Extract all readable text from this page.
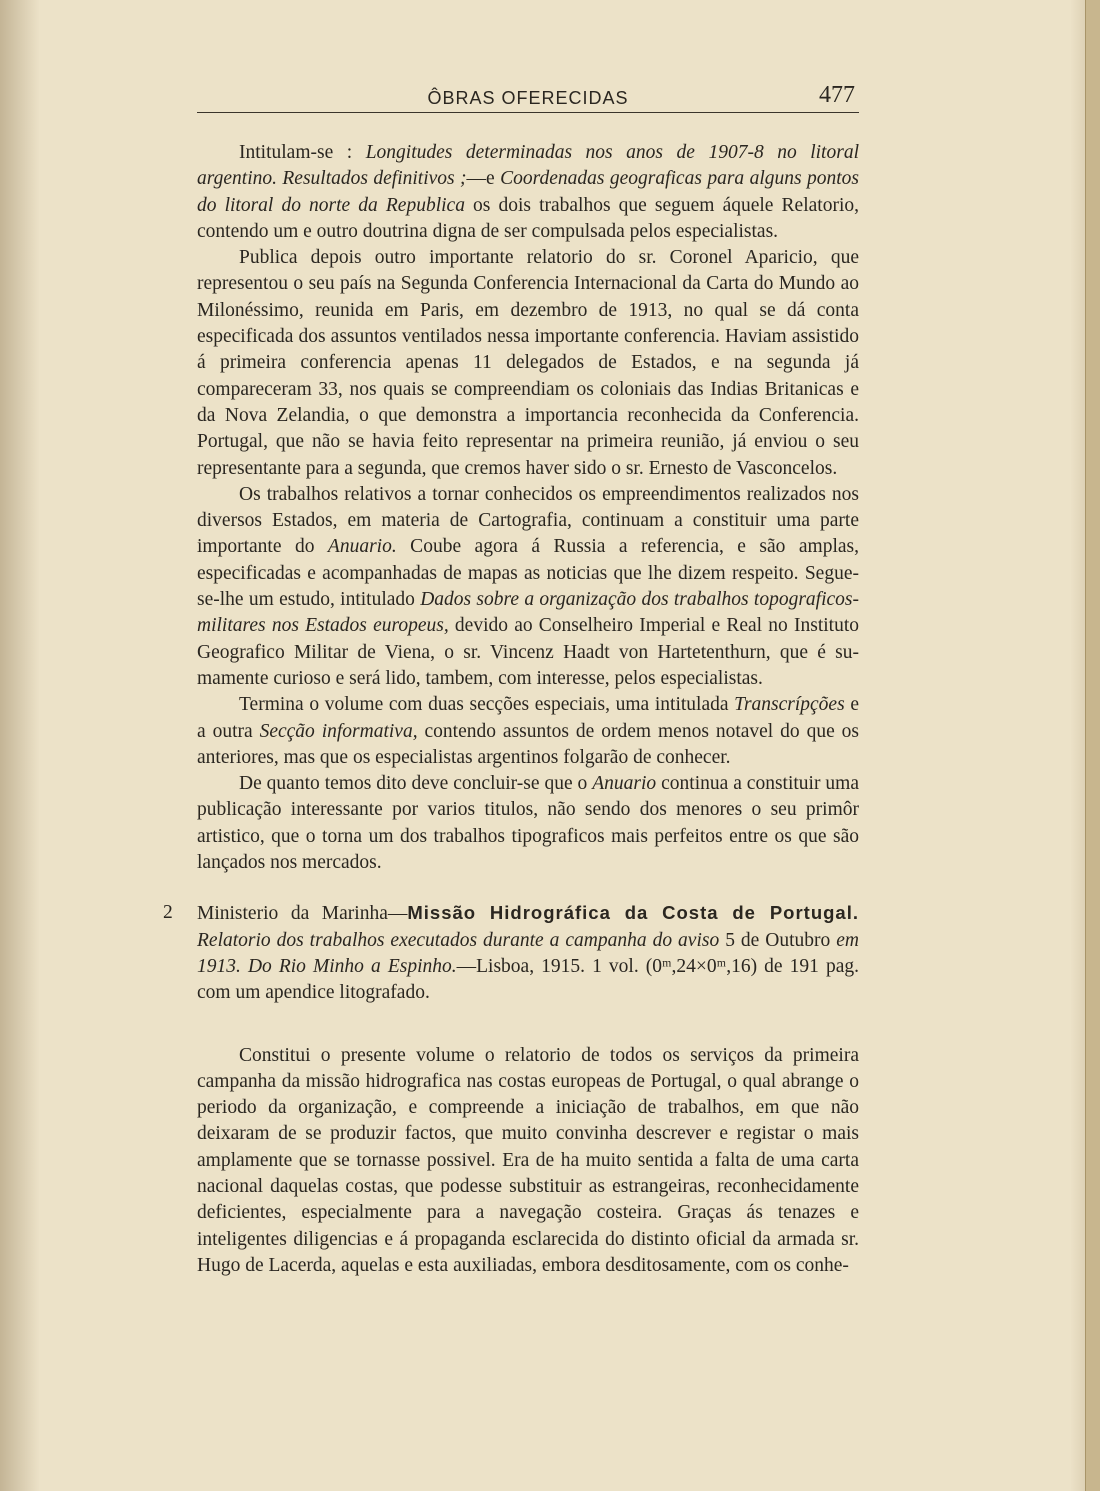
ÔBRAS OFERECIDAS	477

Intitulam-se : Longitudes determinadas nos anos de 1907-8 no litoral argentino. Resultados definitivos ;—e Coordenadas geograficas para alguns pontos do litoral do norte da Republica os dois trabalhos que seguem áquele Relatorio, contendo um e outro doutrina digna de ser compulsada pelos especialistas.

Publica depois outro importante relatorio do sr. Coronel Aparicio, que representou o seu país na Segunda Conferencia Internacional da Carta do Mundo ao Milonéssimo, reunida em Paris, em dezembro de 1913, no qual se dá conta especificada dos assuntos ventilados nessa importante conferencia. Haviam assistido á primeira conferencia apenas 11 delegados de Estados, e na segunda já compareceram 33, nos quais se compreendiam os coloniais das Indias Britanicas e da Nova Zelandia, o que demonstra a importancia reconhecida da Conferencia. Portugal, que não se havia feito representar na primeira reunião, já enviou o seu representante para a segunda, que cremos haver sido o sr. Ernesto de Vasconcelos.

Os trabalhos relativos a tornar conhecidos os empreendimentos realizados nos diversos Estados, em materia de Cartografia, continuam a constituir uma parte importante do Anuario. Coube agora á Russia a referencia, e são amplas, especificadas e acompanhadas de mapas as noticias que lhe dizem respeito. Segue-se-lhe um estudo, intitulado Dados sobre a organização dos trabalhos topograficos-militares nos Estados europeus, devido ao Conselheiro Imperial e Real no Instituto Geografico Militar de Viena, o sr. Vincenz Haadt von Hartetenthurn, que é sumamente curioso e será lido, tambem, com interesse, pelos especialistas.

Termina o volume com duas secções especiais, uma intitulada Transcrípções e a outra Secção informativa, contendo assuntos de ordem menos notavel do que os anteriores, mas que os especialistas argentinos folgarão de conhecer.

De quanto temos dito deve concluir-se que o Anuario continua a constituir uma publicação interessante por varios titulos, não sendo dos menores o seu primôr artistico, que o torna um dos trabalhos tipograficos mais perfeitos entre os que são lançados nos mercados.

2 Ministerio da Marinha—Missão Hidrográfica da Costa de Portugal. Relatorio dos trabalhos executados durante a campanha do aviso 5 de Outubro em 1913. Do Rio Minho a Espinho.—Lisboa, 1915. 1 vol. (0ᵐ,24×0ᵐ,16) de 191 pag. com um apendice litografado.

Constitui o presente volume o relatorio de todos os serviços da primeira campanha da missão hidrografica nas costas europeas de Portugal, o qual abrange o periodo da organização, e compreende a iniciação de trabalhos, em que não deixaram de se produzir factos, que muito convinha descrever e registar o mais amplamente que se tornasse possivel. Era de ha muito sentida a falta de uma carta nacional daquelas costas, que podesse substituir as estrangeiras, reconhecidamente deficientes, especialmente para a navegação costeira. Graças ás tenazes e inteligentes diligencias e á propaganda esclarecida do distinto oficial da armada sr. Hugo de Lacerda, aquelas e esta auxiliadas, embora desditosamente, com os conhe-
